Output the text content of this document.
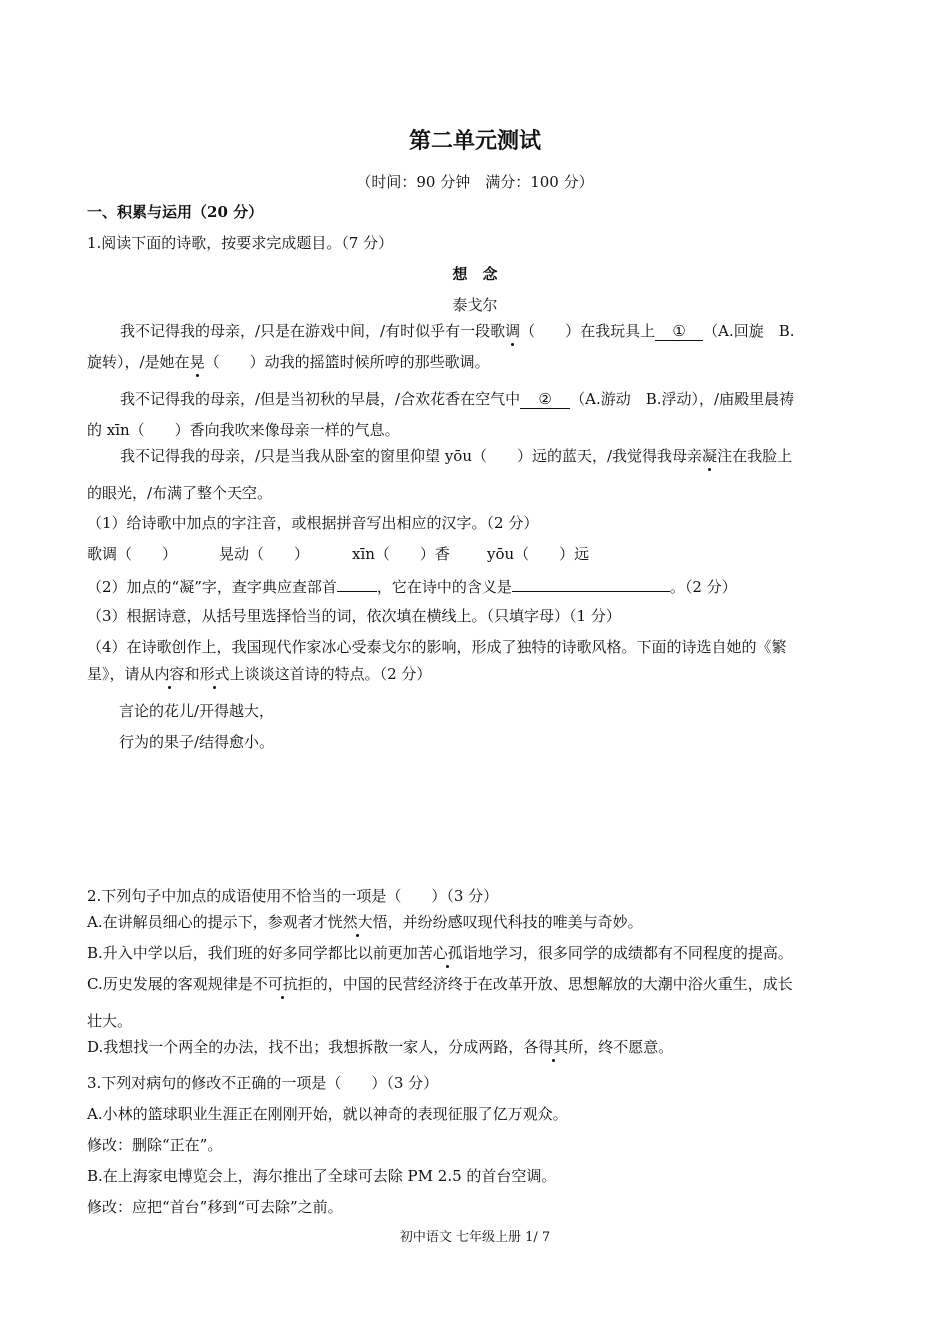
第二单元测试
（时间：90 分钟　满分：100 分）
一、积累与运用（20 分）
1.阅读下面的诗歌，按要求完成题目。（7 分）
想　念
泰戈尔
我不记得我的母亲，/只是在游戏中间，/有时似乎有一段歌调（　　）在我玩具上 ① （A.回旋　B.
旋转），/是她在晃（　　）动我的摇篮时候所哼的那些歌调。
我不记得我的母亲，/但是当初秋的早晨，/合欢花香在空气中 ② （A.游动　B.浮动），/庙殿里晨祷
的 xīn（　　）香向我吹来像母亲一样的气息。
我不记得我的母亲，/只是当我从卧室的窗里仰望 yōu（　　）远的蓝天，/我觉得我母亲凝注在我脸上
的眼光，/布满了整个天空。
（1）给诗歌中加点的字注音，或根据拼音写出相应的汉字。（2 分）
歌调（　　）	晃动（　　）	xīn（　　）香 yōu（　　）远
（2）加点的“凝”字，查字典应查部首	，它在诗中的含义是	。（2 分）
（3）根据诗意，从括号里选择恰当的词，依次填在横线上。（只填字母）（1 分）
（4）在诗歌创作上，我国现代作家冰心受泰戈尔的影响，形成了独特的诗歌风格。下面的诗选自她的《繁
星》，请从内容和形式上谈谈这首诗的特点。（2 分）
言论的花儿/开得越大，
行为的果子/结得愈小。
2.下列句子中加点的成语使用不恰当的一项是（　　）（3 分）
A.在讲解员细心的提示下，参观者才恍然大悟，并纷纷感叹现代科技的唯美与奇妙。
B.升入中学以后，我们班的好多同学都比以前更加苦心孤诣地学习，很多同学的成绩都有不同程度的提高。
C.历史发展的客观规律是不可抗拒的，中国的民营经济终于在改革开放、思想解放的大潮中浴火重生，成长
壮大。
D.我想找一个两全的办法，找不出；我想拆散一家人，分成两路，各得其所，终不愿意。
3.下列对病句的修改不正确的一项是（　　）（3 分）
A.小林的篮球职业生涯正在刚刚开始，就以神奇的表现征服了亿万观众。
修改：删除“正在”。
B.在上海家电博览会上，海尔推出了全球可去除 PM 2.5 的首台空调。
修改：应把“首台”移到“可去除”之前。
初中语文 七年级上册 1/ 7
